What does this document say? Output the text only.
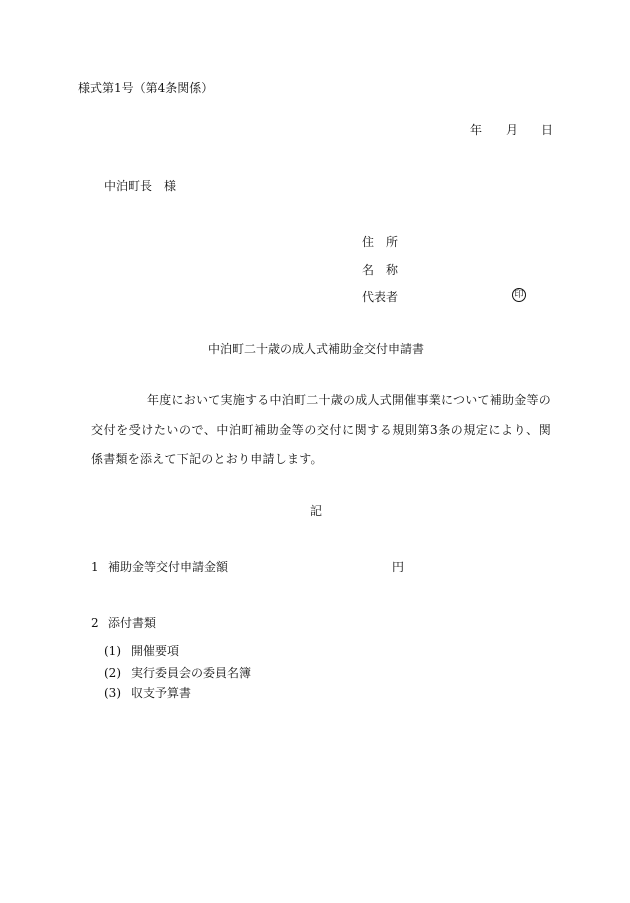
様式第1号（第4条関係）
年 月 日
中泊町長　様
住　所
名　称
代表者	印
中泊町二十歳の成人式補助金交付申請書
年度において実施する中泊町二十歳の成人式開催事業について補助金等の交付を受けたいので、中泊町補助金等の交付に関する規則第3条の規定により、関係書類を添えて下記のとおり申請します。
記
1 補助金等交付申請金額	円
2 添付書類
(1) 開催要項
(2) 実行委員会の委員名簿
(3) 収支予算書
